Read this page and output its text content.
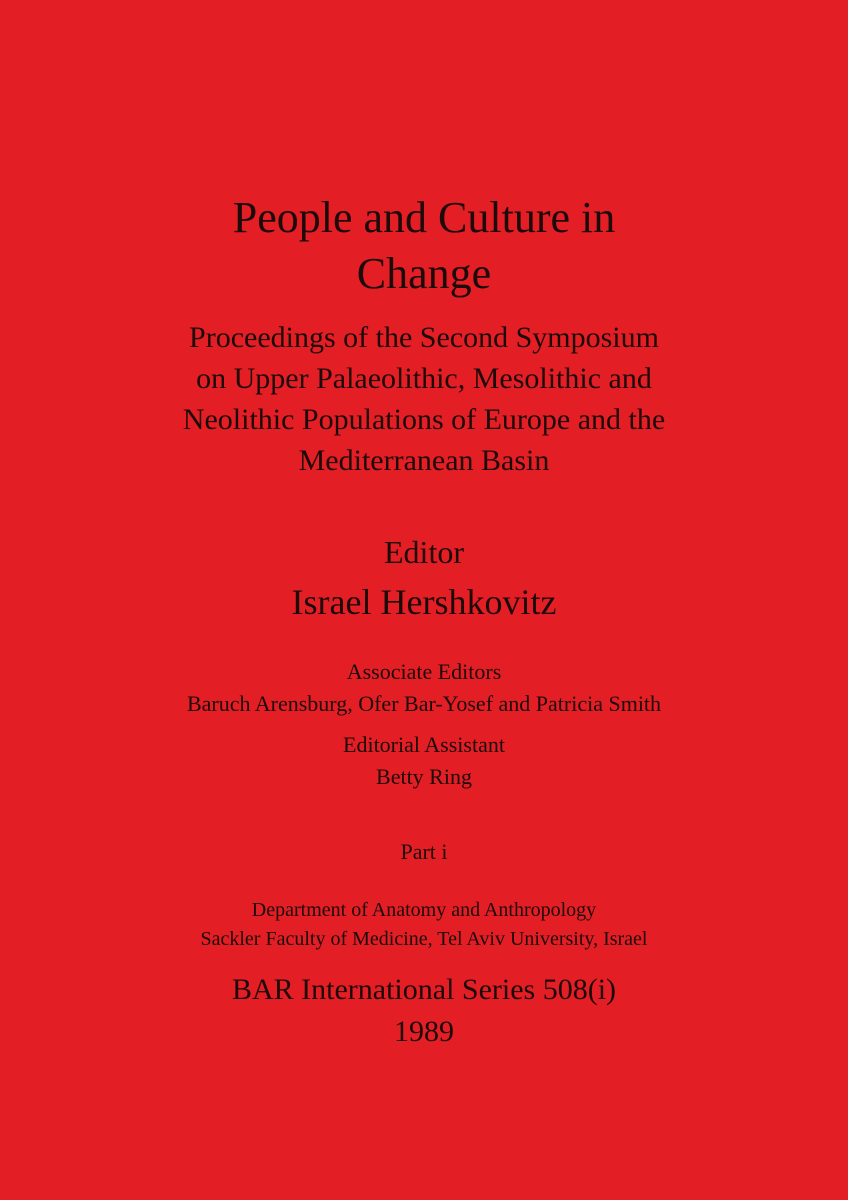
People and Culture in
Change
Proceedings of the Second Symposium
on Upper Palaeolithic, Mesolithic and
Neolithic Populations of Europe and the
Mediterranean Basin
Editor
Israel Hershkovitz
Associate Editors
Baruch Arensburg, Ofer Bar-Yosef and Patricia Smith
Editorial Assistant
Betty Ring
Part i
Department of Anatomy and Anthropology
Sackler Faculty of Medicine, Tel Aviv University, Israel
BAR International Series 508(i)
1989
